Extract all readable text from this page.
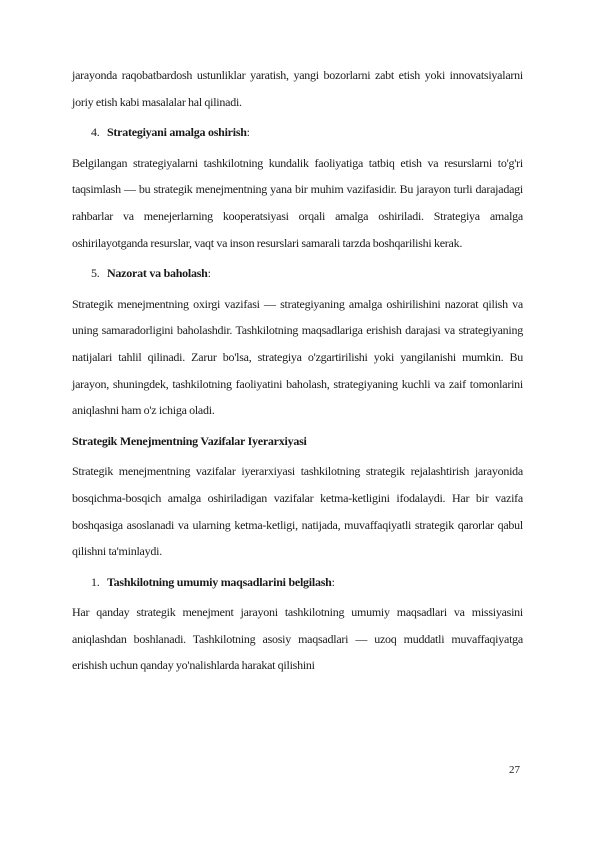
jarayonda raqobatbardosh ustunliklar yaratish, yangi bozorlarni zabt etish yoki innovatsiyalarni joriy etish kabi masalalar hal qilinadi.

4. Strategiyani amalga oshirish:

Belgilangan strategiyalarni tashkilotning kundalik faoliyatiga tatbiq etish va resurslarni to'g'ri taqsimlash — bu strategik menejmentning yana bir muhim vazifasidir. Bu jarayon turli darajadagi rahbarlar va menejerlarning kooperatsiyasi orqali amalga oshiriladi. Strategiya amalga oshirilayotganda resurslar, vaqt va inson resurslari samarali tarzda boshqarilishi kerak.

5. Nazorat va baholash:

Strategik menejmentning oxirgi vazifasi — strategiyaning amalga oshirilishini nazorat qilish va uning samaradorligini baholashdir. Tashkilotning maqsadlariga erishish darajasi va strategiyaning natijalari tahlil qilinadi. Zarur bo'lsa, strategiya o'zgartirilishi yoki yangilanishi mumkin. Bu jarayon, shuningdek, tashkilotning faoliyatini baholash, strategiyaning kuchli va zaif tomonlarini aniqlashni ham o'z ichiga oladi.

Strategik Menejmentning Vazifalar Iyerarxiyasi

Strategik menejmentning vazifalar iyerarxiyasi tashkilotning strategik rejalashtirish jarayonida bosqichma-bosqich amalga oshiriladigan vazifalar ketma-ketligini ifodalaydi. Har bir vazifa boshqasiga asoslanadi va ularning ketma-ketligi, natijada, muvaffaqiyatli strategik qarorlar qabul qilishni ta'minlaydi.

1. Tashkilotning umumiy maqsadlarini belgilash:

Har qanday strategik menejment jarayoni tashkilotning umumiy maqsadlari va missiyasini aniqlashdan boshlanadi. Tashkilotning asosiy maqsadlari — uzoq muddatli muvaffaqiyatga erishish uchun qanday yo'nalishlarda harakat qilishini

27
